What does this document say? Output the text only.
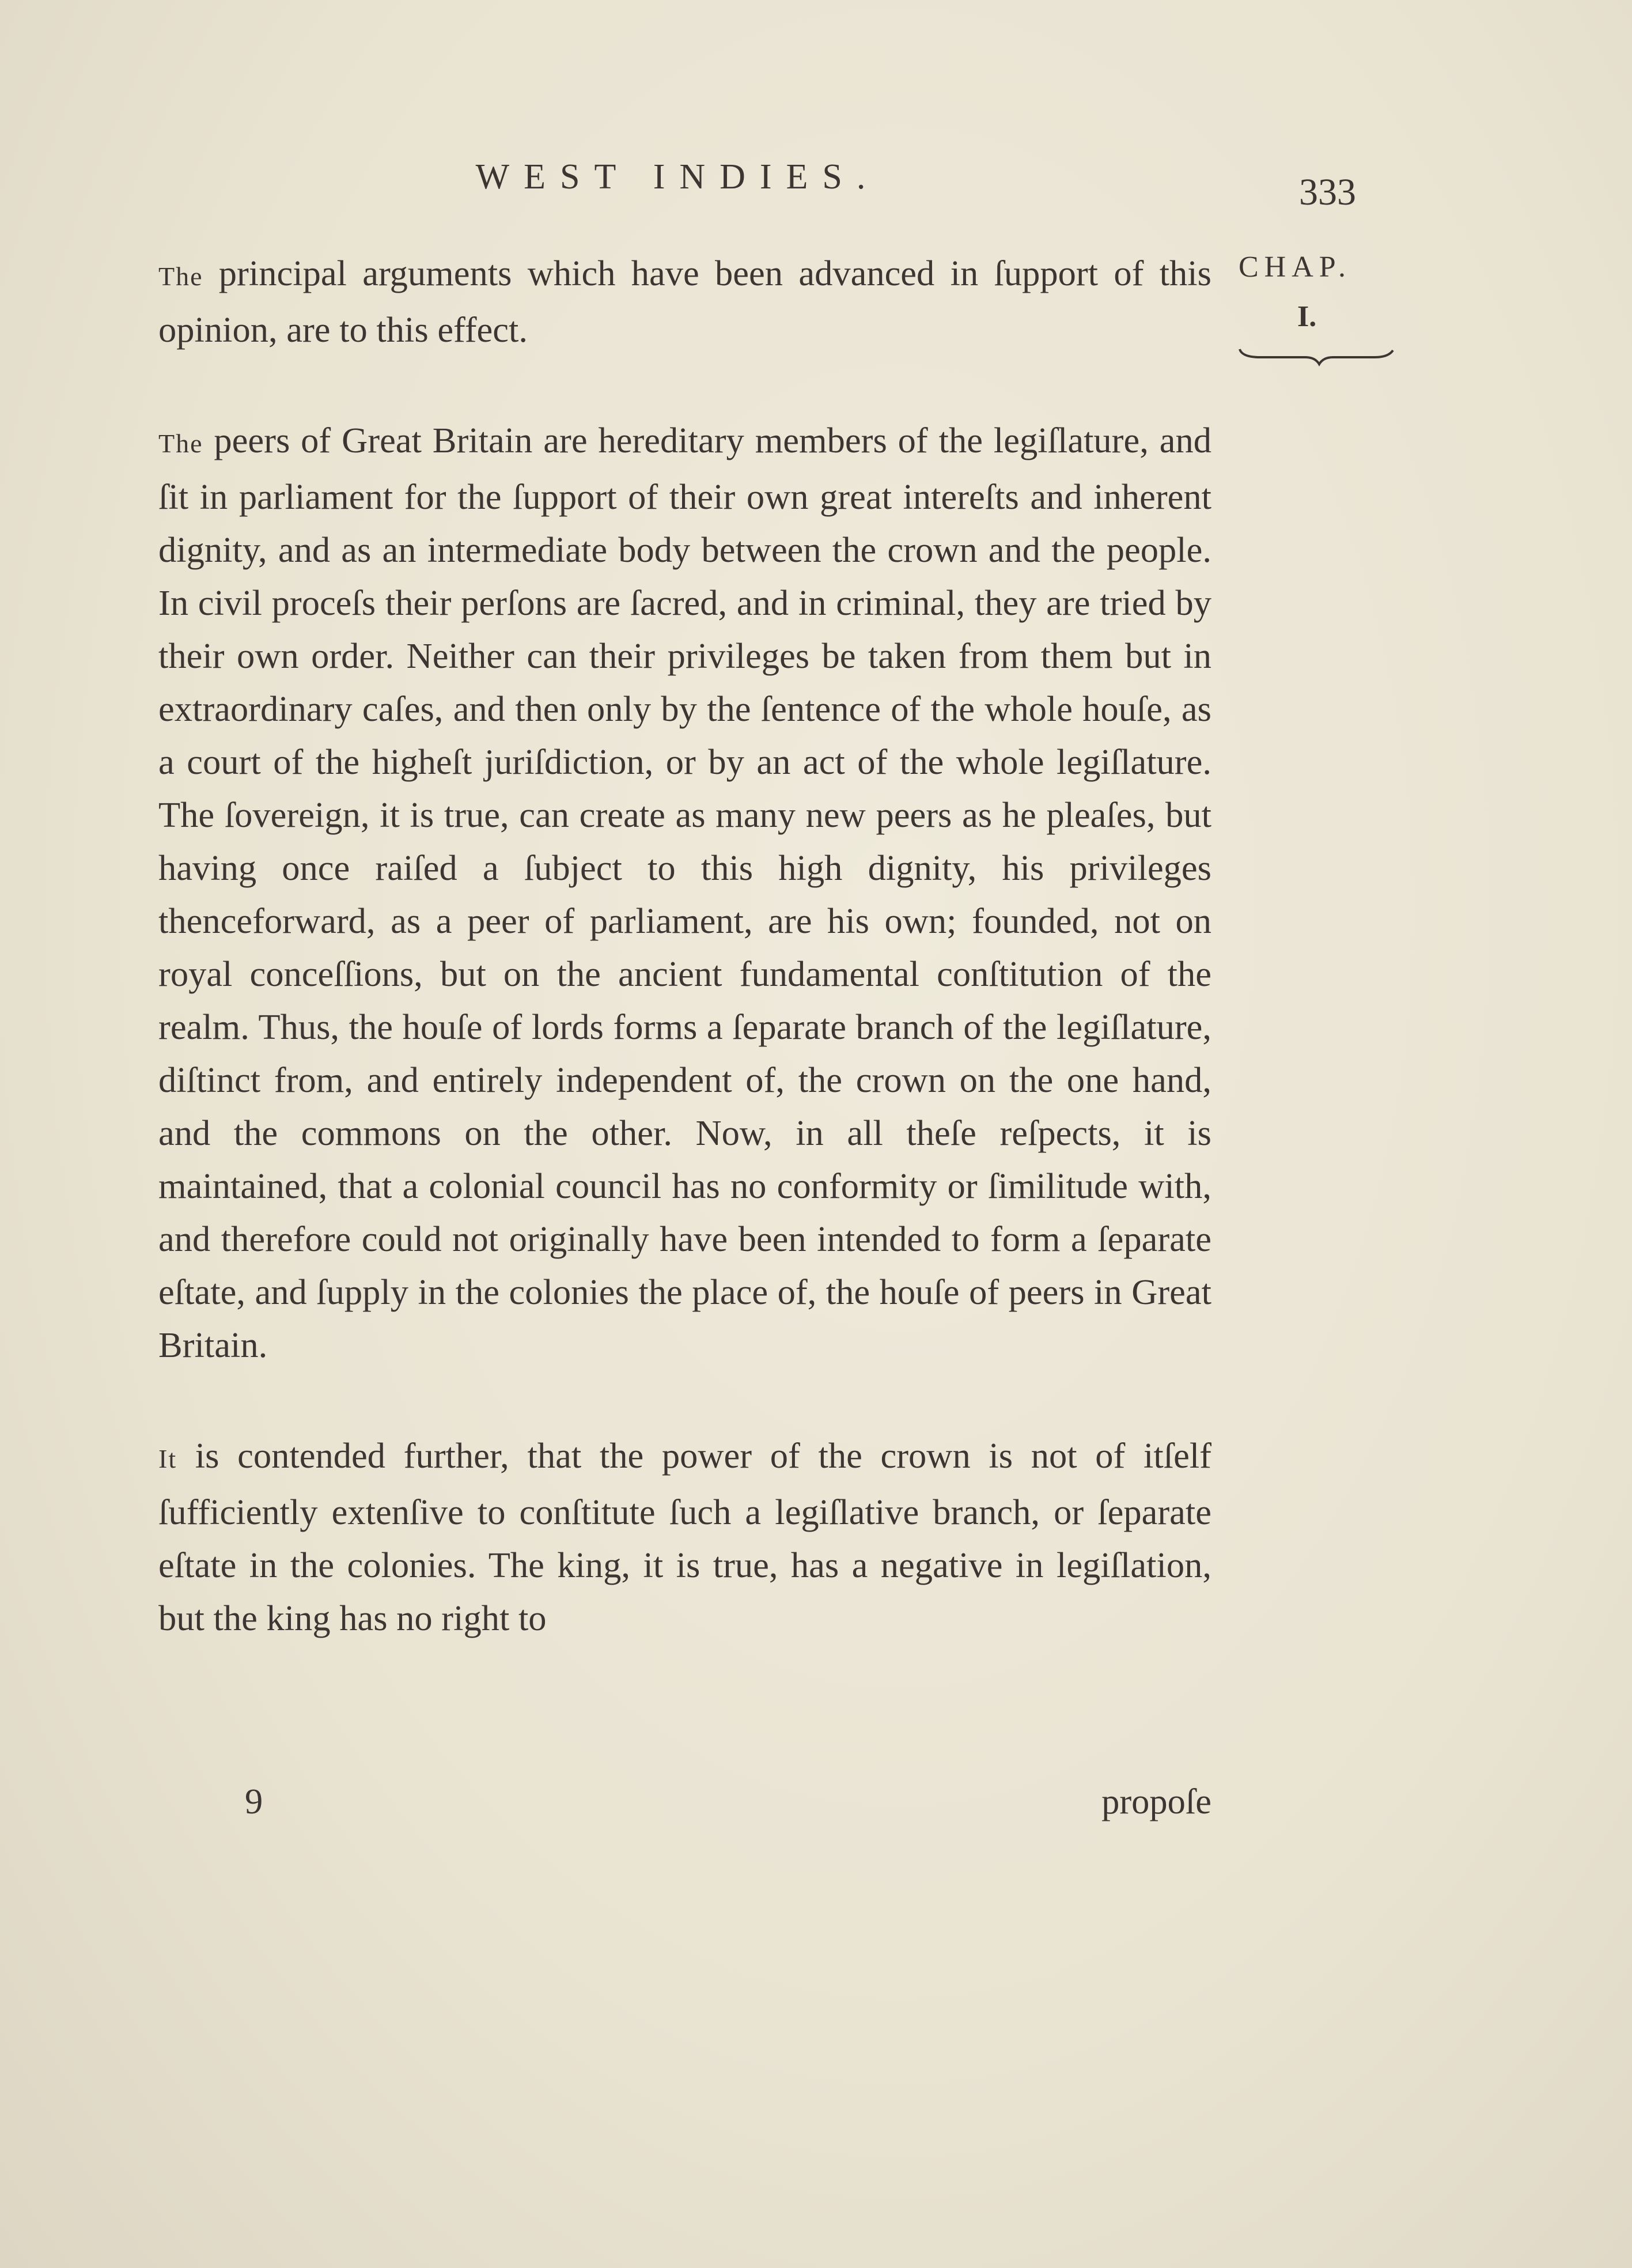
WEST INDIES.	333
CHAP.
I.

The principal arguments which have been advanced in ſupport of this opinion, are to this effect.

The peers of Great Britain are hereditary members of the legiſlature, and ſit in parliament for the ſupport of their own great intereſts and inherent dignity, and as an intermediate body between the crown and the people. In civil proceſs their perſons are ſacred, and in criminal, they are tried by their own order. Neither can their privileges be taken from them but in extraordinary caſes, and then only by the ſentence of the whole houſe, as a court of the higheſt juriſdiction, or by an act of the whole legiſlature. The ſovereign, it is true, can create as many new peers as he pleaſes, but having once raiſed a ſubject to this high dignity, his privileges thenceforward, as a peer of parliament, are his own; founded, not on royal conceſſions, but on the ancient fundamental conſtitution of the realm. Thus, the houſe of lords forms a ſeparate branch of the legiſlature, diſtinct from, and entirely independent of, the crown on the one hand, and the commons on the other. Now, in all theſe reſpects, it is maintained, that a colonial council has no conformity or ſimilitude with, and therefore could not originally have been intended to form a ſeparate eſtate, and ſupply in the colonies the place of, the houſe of peers in Great Britain.

It is contended further, that the power of the crown is not of itſelf ſufficiently extenſive to conſtitute ſuch a legiſlative branch, or ſeparate eſtate in the colonies. The king, it is true, has a negative in legiſlation, but the king has no right to

9	propoſe
